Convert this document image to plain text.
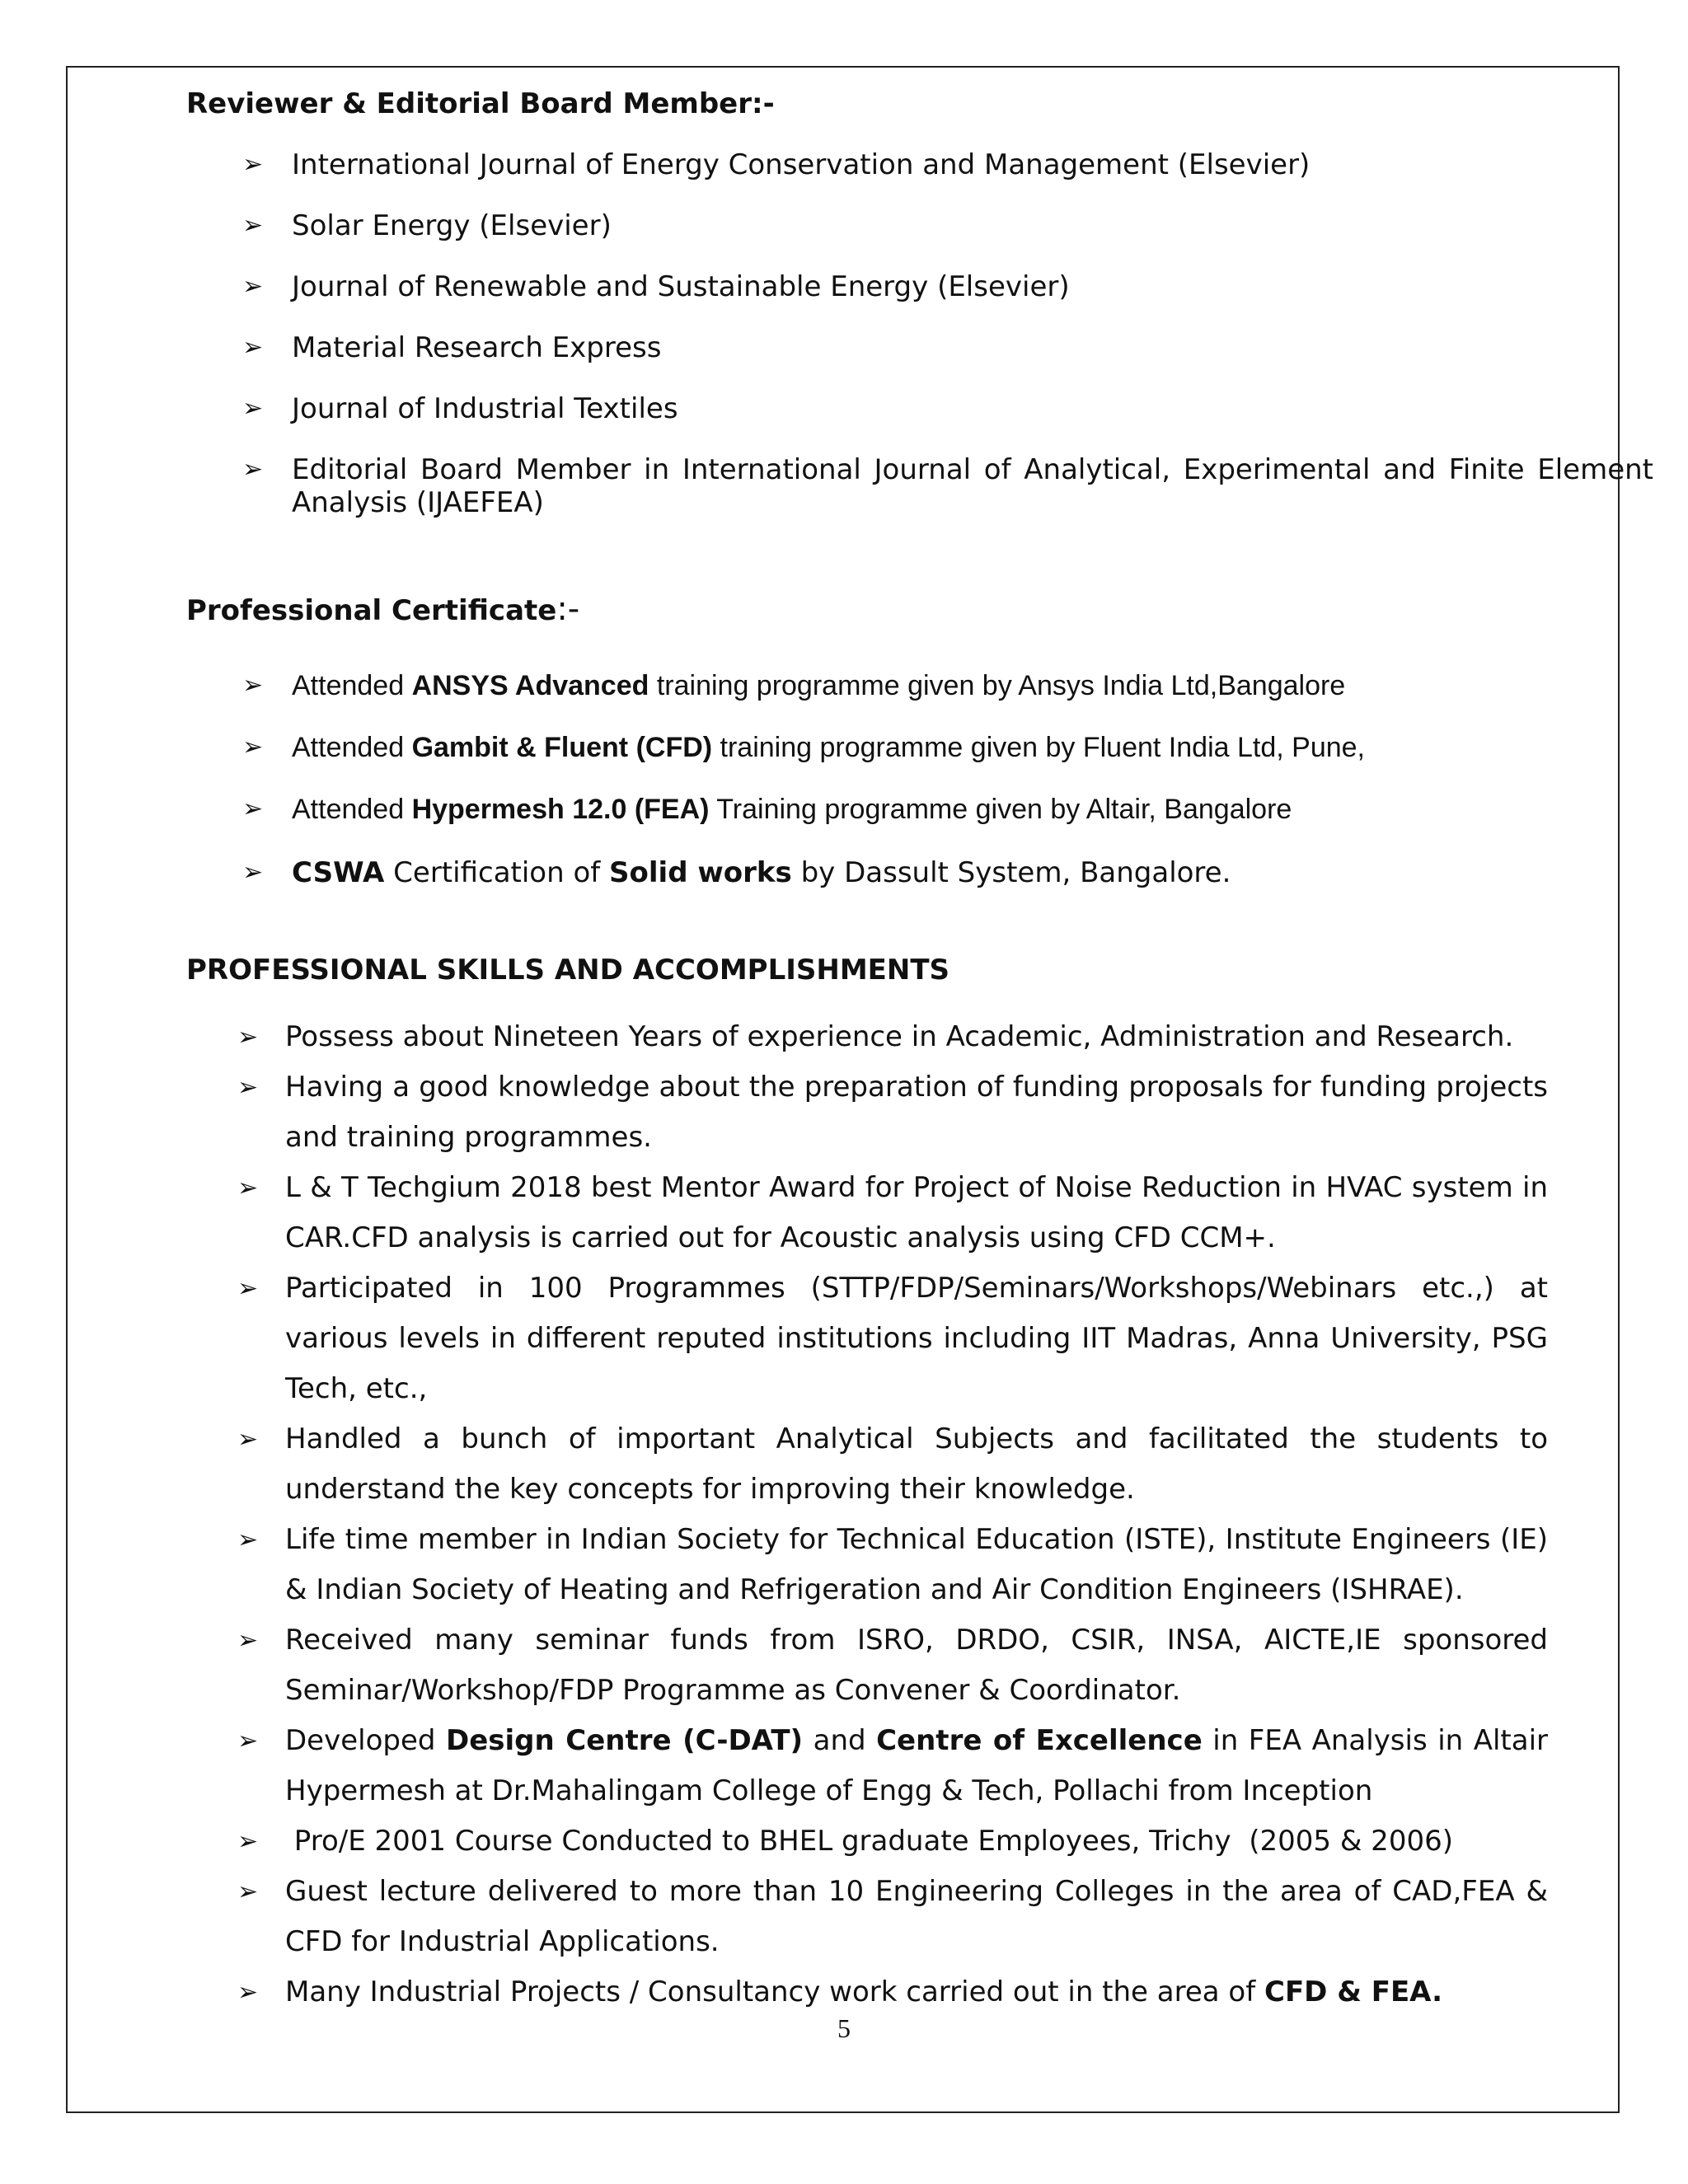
Reviewer & Editorial Board Member:-
➢ International Journal of Energy Conservation and Management (Elsevier)
➢ Solar Energy (Elsevier)
➢ Journal of Renewable and Sustainable Energy (Elsevier)
➢ Material Research Express
➢ Journal of Industrial Textiles
➢ Editorial Board Member in International Journal of Analytical, Experimental and Finite Element Analysis (IJAEFEA)
Professional Certificate:-
➢ Attended ANSYS Advanced training programme given by Ansys India Ltd,Bangalore
➢ Attended Gambit & Fluent (CFD) training programme given by Fluent India Ltd, Pune,
➢ Attended Hypermesh 12.0 (FEA) Training programme given by Altair, Bangalore
➢ CSWA Certification of Solid works by Dassult System, Bangalore.
PROFESSIONAL SKILLS AND ACCOMPLISHMENTS
➢ Possess about Nineteen Years of experience in Academic, Administration and Research.
➢ Having a good knowledge about the preparation of funding proposals for funding projects and training programmes.
➢ L & T Techgium 2018 best Mentor Award for Project of Noise Reduction in HVAC system in CAR.CFD analysis is carried out for Acoustic analysis using CFD CCM+.
➢ Participated in 100 Programmes (STTP/FDP/Seminars/Workshops/Webinars etc.,) at various levels in different reputed institutions including IIT Madras, Anna University, PSG Tech, etc.,
➢ Handled a bunch of important Analytical Subjects and facilitated the students to understand the key concepts for improving their knowledge.
➢ Life time member in Indian Society for Technical Education (ISTE), Institute Engineers (IE) & Indian Society of Heating and Refrigeration and Air Condition Engineers (ISHRAE).
➢ Received many seminar funds from ISRO, DRDO, CSIR, INSA, AICTE,IE sponsored Seminar/Workshop/FDP Programme as Convener & Coordinator.
➢ Developed Design Centre (C-DAT) and Centre of Excellence in FEA Analysis in Altair Hypermesh at Dr.Mahalingam College of Engg & Tech, Pollachi from Inception
➢ Pro/E 2001 Course Conducted to BHEL graduate Employees, Trichy  (2005 & 2006)
➢ Guest lecture delivered to more than 10 Engineering Colleges in the area of CAD,FEA & CFD for Industrial Applications.
➢ Many Industrial Projects / Consultancy work carried out in the area of CFD & FEA.
5
